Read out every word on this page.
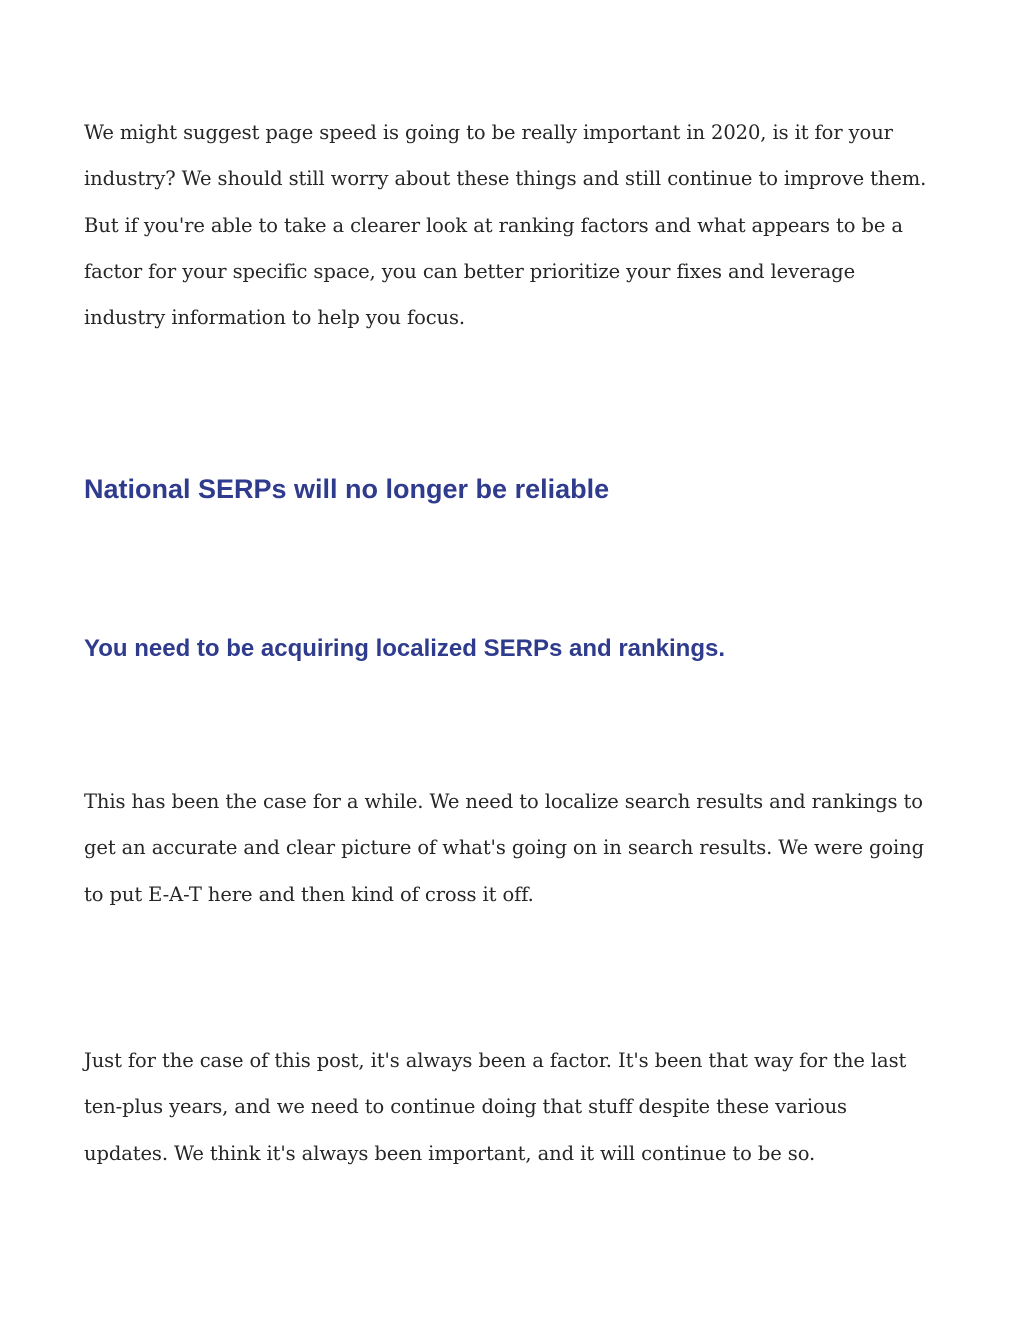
We might suggest page speed is going to be really important in 2020, is it for your industry? We should still worry about these things and still continue to improve them. But if you're able to take a clearer look at ranking factors and what appears to be a factor for your specific space, you can better prioritize your fixes and leverage industry information to help you focus.

National SERPs will no longer be reliable
You need to be acquiring localized SERPs and rankings.

This has been the case for a while. We need to localize search results and rankings to get an accurate and clear picture of what's going on in search results. We were going to put E-A-T here and then kind of cross it off.

Just for the case of this post, it's always been a factor. It's been that way for the last ten-plus years, and we need to continue doing that stuff despite these various updates. We think it's always been important, and it will continue to be so.
